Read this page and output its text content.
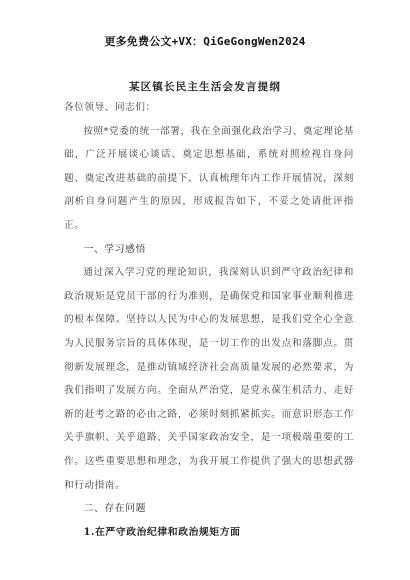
更多免费公文+VX：QiGeGongWen2024
某区镇长民主生活会发言提纲

各位领导、同志们：

按照*党委的统一部署，我在全面强化政治学习、奠定理论基础，广泛开展谈心谈话、奠定思想基础，系统对照检视自身问题、奠定改进基础的前提下，认真梳理年内工作开展情况，深刻剖析自身问题产生的原因，形成报告如下，不妥之处请批评指正。

一、学习感悟

通过深入学习党的理论知识，我深刻认识到严守政治纪律和政治规矩是党员干部的行为准则，是确保党和国家事业顺利推进的根本保障。坚持以人民为中心的发展思想，是我们党全心全意为人民服务宗旨的具体体现，是一切工作的出发点和落脚点。贯彻新发展理念，是推动镇域经济社会高质量发展的必然要求，为我们指明了发展方向。全面从严治党，是党永葆生机活力、走好新的赶考之路的必由之路，必须时刻抓紧抓实。而意识形态工作关乎旗帜、关乎道路、关乎国家政治安全，是一项极端重要的工作。这些重要思想和理念，为我开展工作提供了强大的思想武器和行动指南。

二、存在问题

1.在严守政治纪律和政治规矩方面
